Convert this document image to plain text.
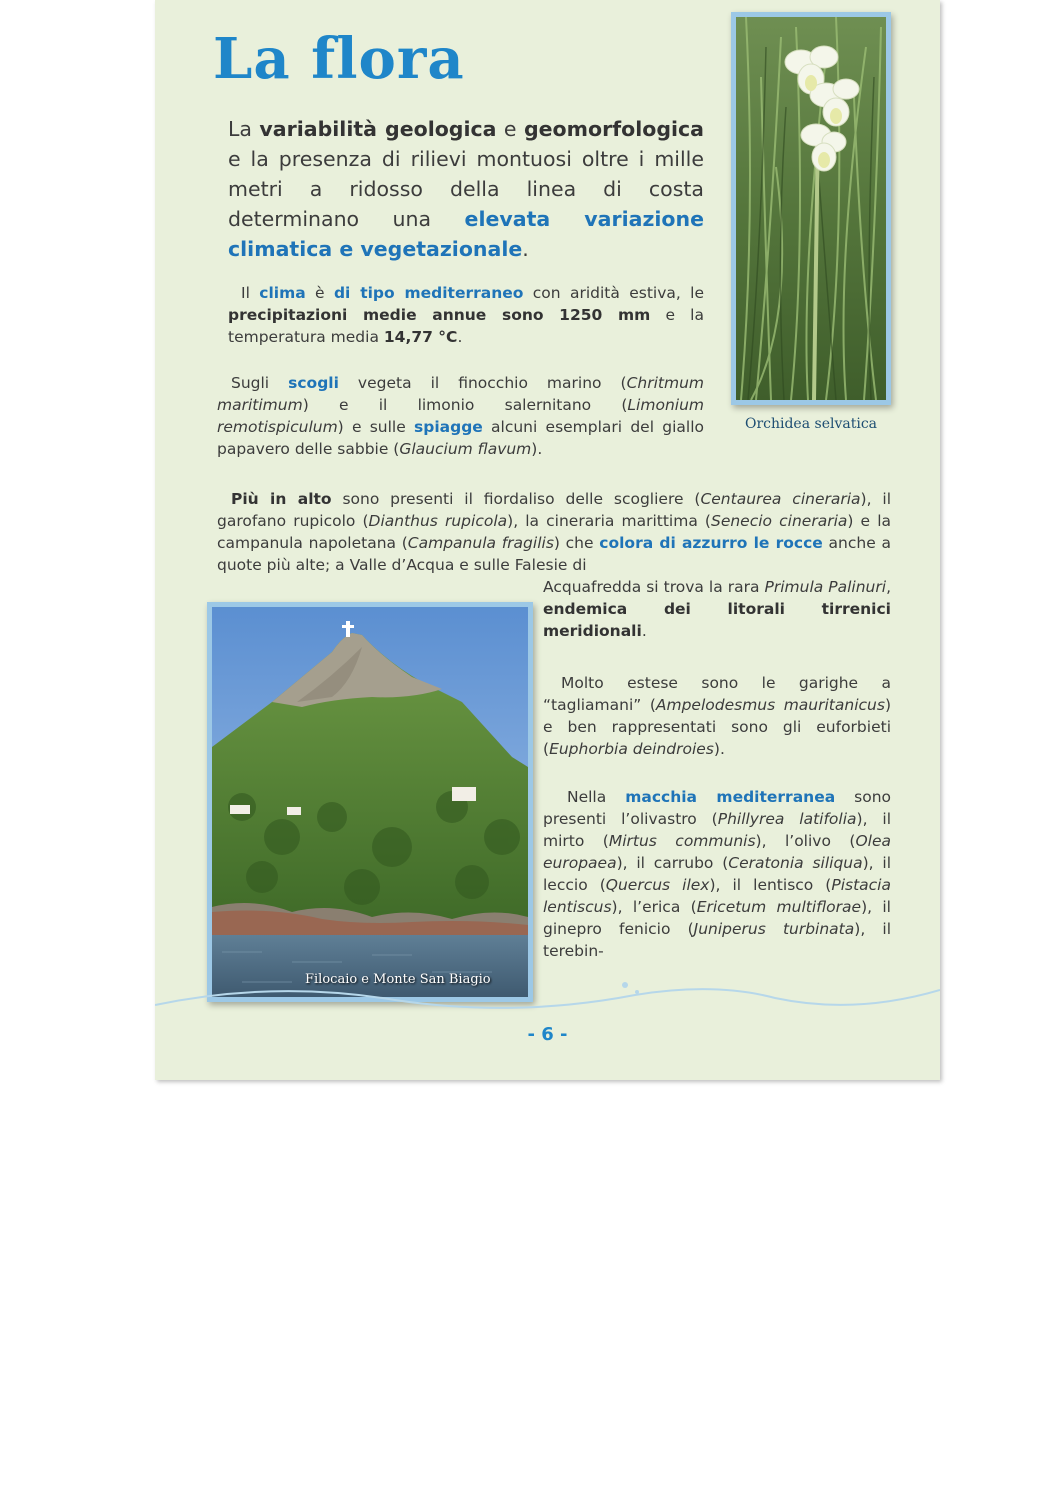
La flora

La variabilità geologica e geomorfologica e la presenza di rilievi montuosi oltre i mille metri a ridosso della linea di costa determinano una elevata variazione climatica e vegetazionale.

Il clima è di tipo mediterraneo con aridità estiva, le precipitazioni medie annue sono 1250 mm e la temperatura media 14,77 °C.

Sugli scogli vegeta il finocchio marino (Chritmum maritimum) e il limonio salernitano (Limonium remotispiculum) e sulle spiagge alcuni esemplari del giallo papavero delle sabbie (Glaucium flavum).

Più in alto sono presenti il fiordaliso delle scogliere (Centaurea cineraria), il garofano rupicolo (Dianthus rupicola), la cineraria marittima (Senecio cineraria) e la campanula napoletana (Campanula fragilis) che colora di azzurro le rocce anche a quote più alte; a Valle d’Acqua e sulle Falesie di

Acquafredda si trova la rara Primula Palinuri, endemica dei litorali tirrenici meridionali.

Molto estese sono le garighe a “tagliamani” (Ampelodesmus mauritanicus) e ben rappresentati sono gli euforbieti (Euphorbia deindroies).

Nella macchia mediterranea sono presenti l’olivastro (Phillyrea latifolia), il mirto (Mirtus communis), l’olivo (Olea europaea), il carrubo (Ceratonia siliqua), il leccio (Quercus ilex), il lentisco (Pistacia lentiscus), l’erica (Ericetum multiflorae), il ginepro fenicio (Juniperus turbinata), il terebin-

Orchidea selvatica
Filocaio e Monte San Biagio
- 6 -
